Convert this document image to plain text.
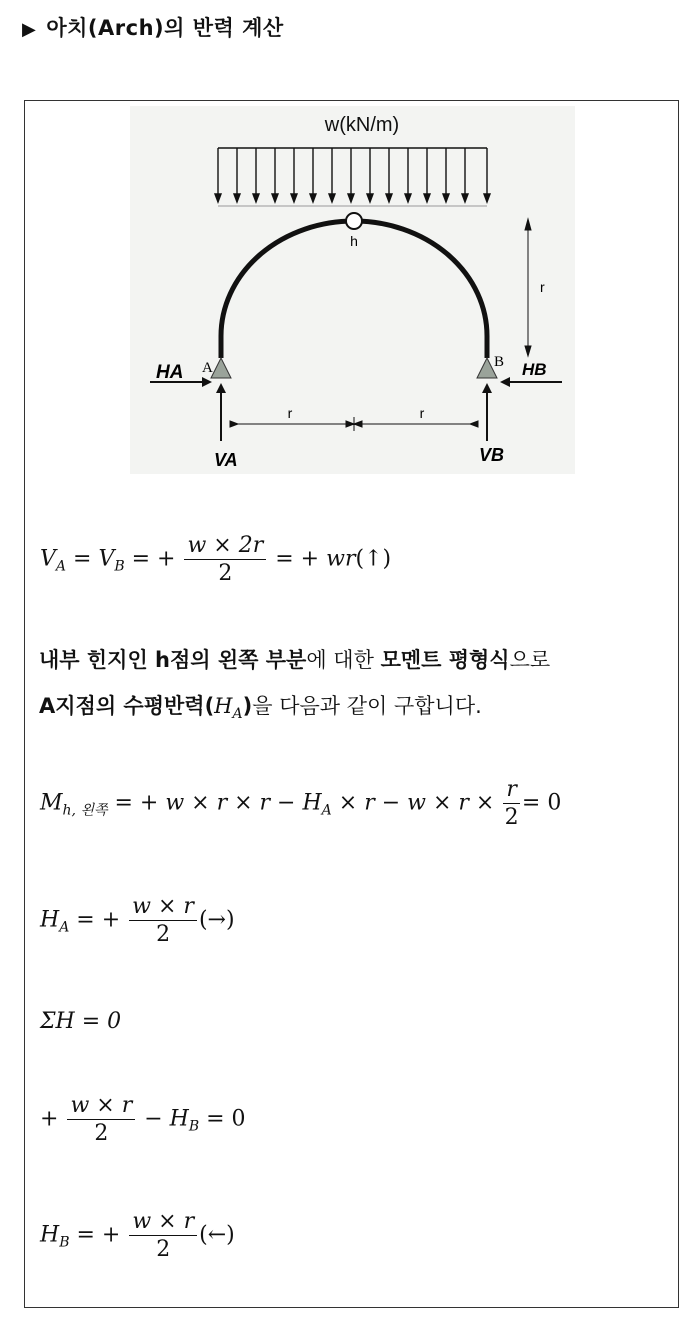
▶ 아치(Arch)의 반력 계산
w(kN/m)
h
A	B
HA	HB
VA	VB
r	r
r
$V_A = V_B$ = + $\frac{w \times 2r}{2}$ = + wr(↑)
내부 힌지인 h점의 왼쪽 부분에 대한 모멘트 평형식으로
A지점의 수평반력$(H_A)$을 다음과 같이 구합니다.
$M_{h, 왼쪽}$ = + $w \times r \times r - H_A \times r - w \times r \times \frac{r}{2} = 0$
$H_A$ = + $\frac{w \times r}{2}$ (→)
ΣH = 0
+ $\frac{w \times r}{2} - H_B = 0$
$H_B$ = + $\frac{w \times r}{2}$ (←)
